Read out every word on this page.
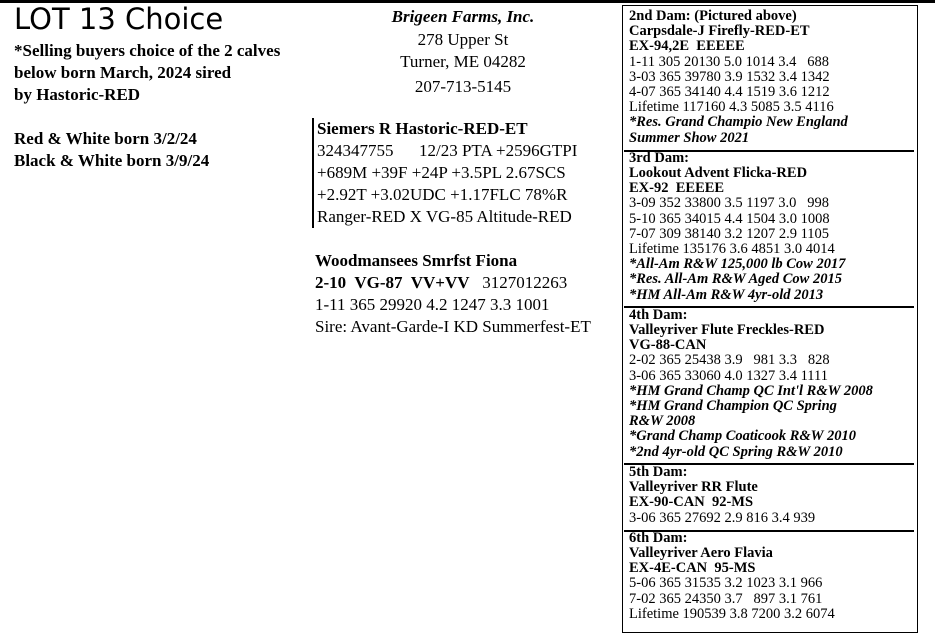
LOT 13 Choice
*Selling buyers choice of the 2 calves
below born March, 2024 sired
by Hastoric-RED
Red & White born 3/2/24
Black & White born 3/9/24
Brigeen Farms, Inc.
278 Upper St
Turner, ME 04282
207-713-5145
Siemers R Hastoric-RED-ET
324347755      12/23 PTA +2596GTPI
+689M +39F +24P +3.5PL 2.67SCS
+2.92T +3.02UDC +1.17FLC 78%R
Ranger-RED X VG-85 Altitude-RED
Woodmansees Smrfst Fiona
2-10  VG-87  VV+VV 3127012263
1-11 365 29920 4.2 1247 3.3 1001
Sire: Avant-Garde-I KD Summerfest-ET
2nd Dam: (Pictured above)
Carpsdale-J Firefly-RED-ET
EX-94,2E  EEEEE
1-11 305 20130 5.0 1014 3.4   688
3-03 365 39780 3.9 1532 3.4 1342
4-07 365 34140 4.4 1519 3.6 1212
Lifetime 117160 4.3 5085 3.5 4116
*Res. Grand Champio New England
Summer Show 2021
3rd Dam:
Lookout Advent Flicka-RED
EX-92  EEEEE
3-09 352 33800 3.5 1197 3.0   998
5-10 365 34015 4.4 1504 3.0 1008
7-07 309 38140 3.2 1207 2.9 1105
Lifetime 135176 3.6 4851 3.0 4014
*All-Am R&W 125,000 lb Cow 2017
*Res. All-Am R&W Aged Cow 2015
*HM All-Am R&W 4yr-old 2013
4th Dam:
Valleyriver Flute Freckles-RED
VG-88-CAN
2-02 365 25438 3.9   981 3.3   828
3-06 365 33060 4.0 1327 3.4 1111
*HM Grand Champ QC Int'l R&W 2008
*HM Grand Champion QC Spring
R&W 2008
*Grand Champ Coaticook R&W 2010
*2nd 4yr-old QC Spring R&W 2010
5th Dam:
Valleyriver RR Flute
EX-90-CAN  92-MS
3-06 365 27692 2.9 816 3.4 939
6th Dam:
Valleyriver Aero Flavia
EX-4E-CAN  95-MS
5-06 365 31535 3.2 1023 3.1 966
7-02 365 24350 3.7   897 3.1 761
Lifetime 190539 3.8 7200 3.2 6074
